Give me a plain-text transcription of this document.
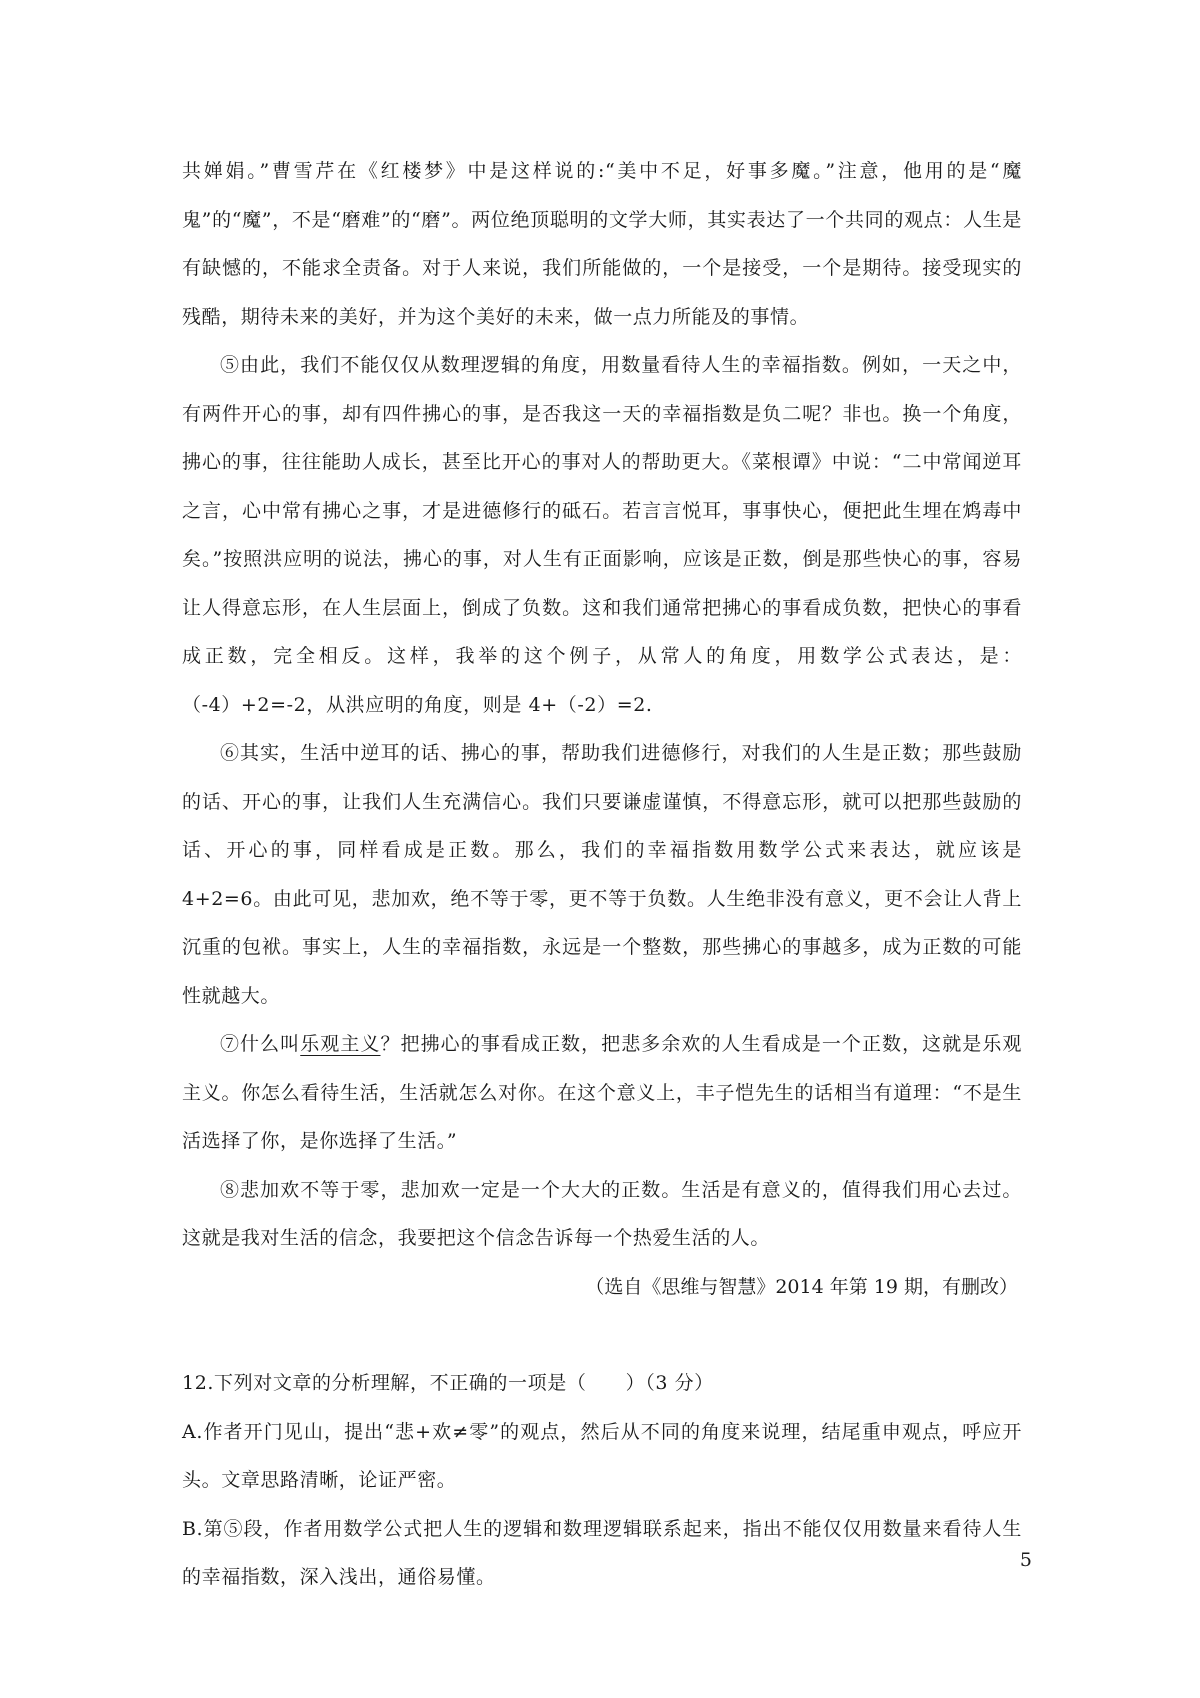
共婵娟。”曹雪芹在《红楼梦》中是这样说的:“美中不足，好事多魔。”注意，他用的是“魔鬼”的“魔”，不是“磨难”的“磨”。两位绝顶聪明的文学大师，其实表达了一个共同的观点：人生是有缺憾的，不能求全责备。对于人来说，我们所能做的，一个是接受，一个是期待。接受现实的残酷，期待未来的美好，并为这个美好的未来，做一点力所能及的事情。

⑤由此，我们不能仅仅从数理逻辑的角度，用数量看待人生的幸福指数。例如，一天之中，有两件开心的事，却有四件拂心的事，是否我这一天的幸福指数是负二呢？非也。换一个角度，拂心的事，往往能助人成长，甚至比开心的事对人的帮助更大。《菜根谭》中说：“二中常闻逆耳之言，心中常有拂心之事，才是进德修行的砥石。若言言悦耳，事事快心，便把此生埋在鸩毒中矣。”按照洪应明的说法，拂心的事，对人生有正面影响，应该是正数，倒是那些快心的事，容易让人得意忘形，在人生层面上，倒成了负数。这和我们通常把拂心的事看成负数，把快心的事看成正数，完全相反。这样，我举的这个例子，从常人的角度，用数学公式表达，是：（-4）+2=-2，从洪应明的角度，则是 4+（-2）=2.

⑥其实，生活中逆耳的话、拂心的事，帮助我们进德修行，对我们的人生是正数；那些鼓励的话、开心的事，让我们人生充满信心。我们只要谦虚谨慎，不得意忘形，就可以把那些鼓励的话、开心的事，同样看成是正数。那么，我们的幸福指数用数学公式来表达，就应该是 4+2=6。由此可见，悲加欢，绝不等于零，更不等于负数。人生绝非没有意义，更不会让人背上沉重的包袱。事实上，人生的幸福指数，永远是一个整数，那些拂心的事越多，成为正数的可能性就越大。

⑦什么叫乐观主义？把拂心的事看成正数，把悲多余欢的人生看成是一个正数，这就是乐观主义。你怎么看待生活，生活就怎么对你。在这个意义上，丰子恺先生的话相当有道理：“不是生活选择了你，是你选择了生活。”

⑧悲加欢不等于零，悲加欢一定是一个大大的正数。生活是有意义的，值得我们用心去过。这就是我对生活的信念，我要把这个信念告诉每一个热爱生活的人。

（选自《思维与智慧》2014 年第 19 期，有删改）

12.下列对文章的分析理解，不正确的一项是（　　）（3 分）

A.作者开门见山，提出“悲+欢≠零”的观点，然后从不同的角度来说理，结尾重申观点，呼应开头。文章思路清晰，论证严密。

B.第⑤段，作者用数学公式把人生的逻辑和数理逻辑联系起来，指出不能仅仅用数量来看待人生的幸福指数，深入浅出，通俗易懂。

5
